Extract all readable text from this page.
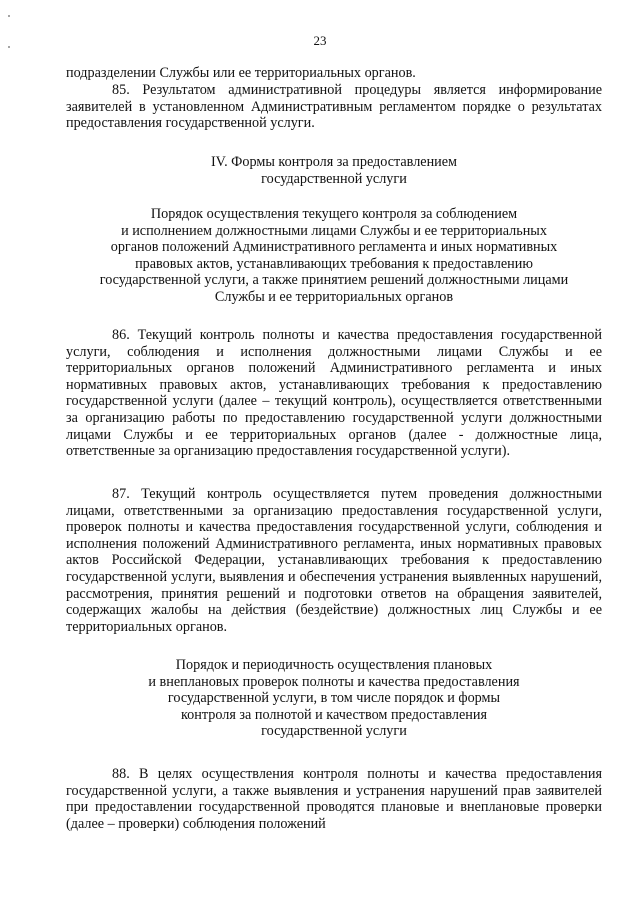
23

подразделении Службы или ее территориальных органов.

85. Результатом административной процедуры является информирование заявителей в установленном Административным регламентом порядке о результатах предоставления государственной услуги.

IV. Формы контроля за предоставлением
государственной услуги
Порядок осуществления текущего контроля за соблюдением
и исполнением должностными лицами Службы и ее территориальных
органов положений Административного регламента и иных нормативных
правовых актов, устанавливающих требования к предоставлению
государственной услуги, а также принятием решений должностными лицами
Службы и ее территориальных органов

86. Текущий контроль полноты и качества предоставления государственной услуги, соблюдения и исполнения должностными лицами Службы и ее территориальных органов положений Административного регламента и иных нормативных правовых актов, устанавливающих требования к предоставлению государственной услуги (далее – текущий контроль), осуществляется ответственными за организацию работы по предоставлению государственной услуги должностными лицами Службы и ее территориальных органов (далее - должностные лица, ответственные за организацию предоставления государственной услуги).

87. Текущий контроль осуществляется путем проведения должностными лицами, ответственными за организацию предоставления государственной услуги, проверок полноты и качества предоставления государственной услуги, соблюдения и исполнения положений Административного регламента, иных нормативных правовых актов Российской Федерации, устанавливающих требования к предоставлению государственной услуги, выявления и обеспечения устранения выявленных нарушений, рассмотрения, принятия решений и подготовки ответов на обращения заявителей, содержащих жалобы на действия (бездействие) должностных лиц Службы и ее территориальных органов.

Порядок и периодичность осуществления плановых
и внеплановых проверок полноты и качества предоставления
государственной услуги, в том числе порядок и формы
контроля за полнотой и качеством предоставления
государственной услуги

88. В целях осуществления контроля полноты и качества предоставления государственной услуги, а также выявления и устранения нарушений прав заявителей при предоставлении государственной проводятся плановые и внеплановые проверки (далее – проверки) соблюдения положений
